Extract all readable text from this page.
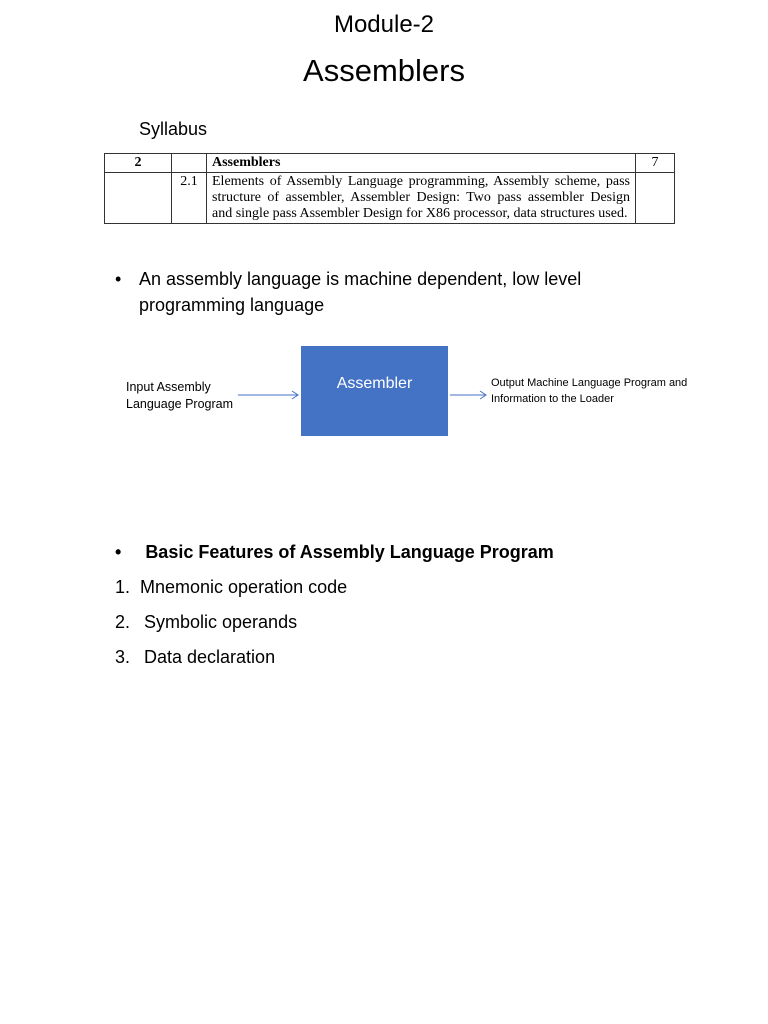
Module-2
Assemblers
Syllabus
2		Assemblers	7
	2.1	Elements of Assembly Language programming, Assembly scheme, pass structure of assembler, Assembler Design: Two pass assembler Design and single pass Assembler Design for X86 processor, data structures used.	
• An assembly language is machine dependent, low level programming language
Input Assembly Language Program
Assembler	Output Machine Language Program and Information to the Loader
• Basic Features of Assembly Language Program
1. Mnemonic operation code
2. Symbolic operands
3. Data declaration
